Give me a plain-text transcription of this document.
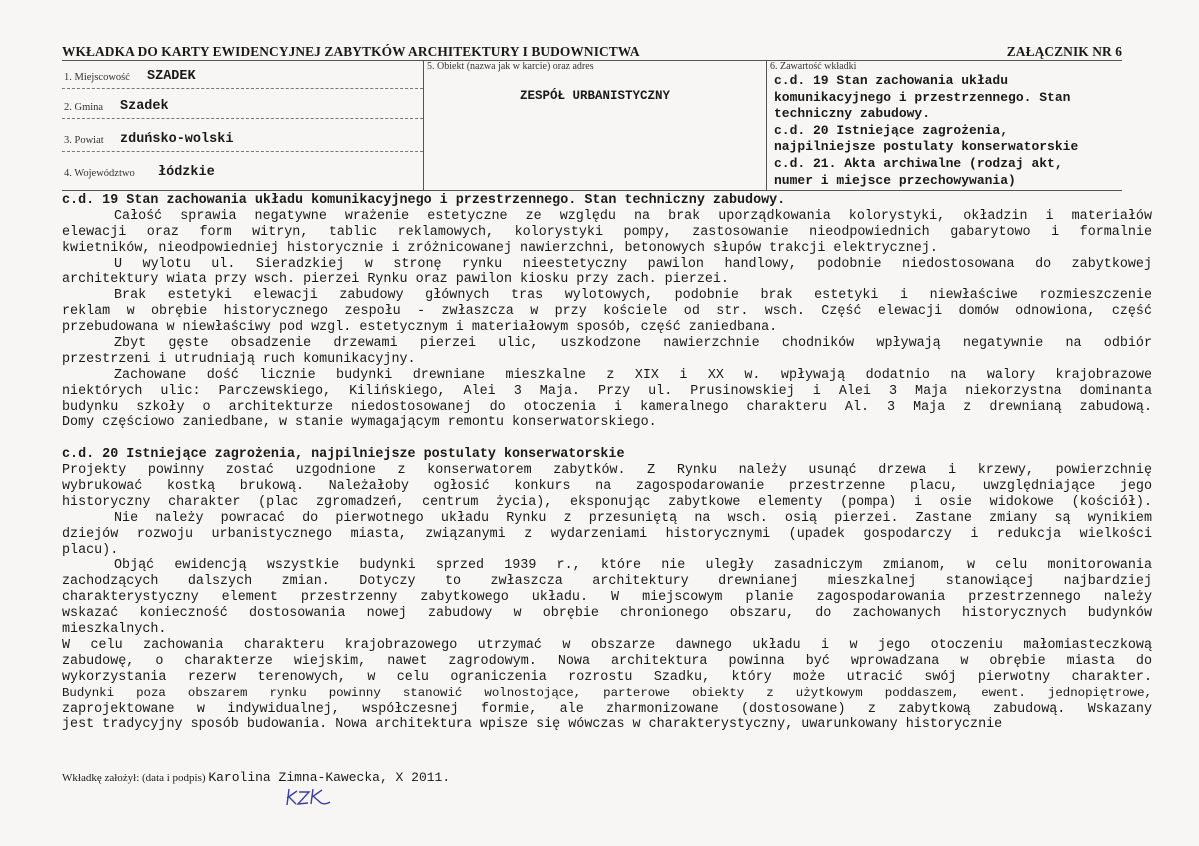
WKŁADKA DO KARTY EWIDENCYJNEJ ZABYTKÓW ARCHITEKTURY I BUDOWNICTWA	ZAŁĄCZNIK NR 6
1. Miejscowość SZADEK
2. Gmina Szadek
3. Powiat zduńsko-wolski
4. Województwo łódzkie
5. Obiekt (nazwa jak w karcie) oraz adres
ZESPÓŁ URBANISTYCZNY
6. Zawartość wkładki
c.d. 19 Stan zachowania układu
komunikacyjnego i przestrzennego. Stan
techniczny zabudowy.
c.d. 20 Istniejące zagrożenia,
najpilniejsze postulaty konserwatorskie
c.d. 21. Akta archiwalne (rodzaj akt,
numer i miejsce przechowywania)
c.d. 19 Stan zachowania układu komunikacyjnego i przestrzennego. Stan techniczny zabudowy.
Całość sprawia negatywne wrażenie estetyczne ze względu na brak uporządkowania kolorystyki, okładzin i materiałów
elewacji oraz form witryn, tablic reklamowych, kolorystyki pompy, zastosowanie nieodpowiednich gabarytowo i formalnie
kwietników, nieodpowiedniej historycznie i zróżnicowanej nawierzchni, betonowych słupów trakcji elektrycznej.
U wylotu ul. Sieradzkiej w stronę rynku nieestetyczny pawilon handlowy, podobnie niedostosowana do zabytkowej
architektury wiata przy wsch. pierzei Rynku oraz pawilon kiosku przy zach. pierzei.
Brak estetyki elewacji zabudowy głównych tras wylotowych, podobnie brak estetyki i niewłaściwe rozmieszczenie
reklam w obrębie historycznego zespołu - zwłaszcza w przy kościele od str. wsch. Część elewacji domów odnowiona, część
przebudowana w niewłaściwy pod wzgl. estetycznym i materiałowym sposób, część zaniedbana.
Zbyt gęste obsadzenie drzewami pierzei ulic, uszkodzone nawierzchnie chodników wpływają negatywnie na odbiór
przestrzeni i utrudniają ruch komunikacyjny.
Zachowane dość licznie budynki drewniane mieszkalne z XIX i XX w. wpływają dodatnio na walory krajobrazowe
niektórych ulic: Parczewskiego, Kilińskiego, Alei 3 Maja. Przy ul. Prusinowskiej i Alei 3 Maja niekorzystna dominanta
budynku szkoły o architekturze niedostosowanej do otoczenia i kameralnego charakteru Al. 3 Maja z drewnianą zabudową.
Domy częściowo zaniedbane, w stanie wymagającym remontu konserwatorskiego.
c.d. 20 Istniejące zagrożenia, najpilniejsze postulaty konserwatorskie
Projekty powinny zostać uzgodnione z konserwatorem zabytków. Z Rynku należy usunąć drzewa i krzewy, powierzchnię
wybrukować kostką brukową. Należałoby ogłosić konkurs na zagospodarowanie przestrzenne placu, uwzględniające jego
historyczny charakter (plac zgromadzeń, centrum życia), eksponując zabytkowe elementy (pompa) i osie widokowe (kościół).
Nie należy powracać do pierwotnego układu Rynku z przesuniętą na wsch. osią pierzei. Zastane zmiany są wynikiem
dziejów rozwoju urbanistycznego miasta, związanymi z wydarzeniami historycznymi (upadek gospodarczy i redukcja wielkości
placu).
Objąć ewidencją wszystkie budynki sprzed 1939 r., które nie uległy zasadniczym zmianom, w celu monitorowania
zachodzących dalszych zmian. Dotyczy to zwłaszcza architektury drewnianej mieszkalnej stanowiącej najbardziej
charakterystyczny element przestrzenny zabytkowego układu. W miejscowym planie zagospodarowania przestrzennego należy
wskazać konieczność dostosowania nowej zabudowy w obrębie chronionego obszaru, do zachowanych historycznych budynków
mieszkalnych.
W celu zachowania charakteru krajobrazowego utrzymać w obszarze dawnego układu i w jego otoczeniu małomiasteczkową
zabudowę, o charakterze wiejskim, nawet zagrodowym. Nowa architektura powinna być wprowadzana w obrębie miasta do
wykorzystania rezerw terenowych, w celu ograniczenia rozrostu Szadku, który może utracić swój pierwotny charakter.
Budynki poza obszarem rynku powinny stanowić wolnostojące, parterowe obiekty z użytkowym poddaszem, ewent. jednopiętrowe,
zaprojektowane w indywidualnej, współczesnej formie, ale zharmonizowane (dostosowane) z zabytkową zabudową. Wskazany
jest tradycyjny sposób budowania. Nowa architektura wpisze się wówczas w charakterystyczny, uwarunkowany historycznie
Wkładkę założył: (data i podpis) Karolina Zimna-Kawecka, X 2011.
